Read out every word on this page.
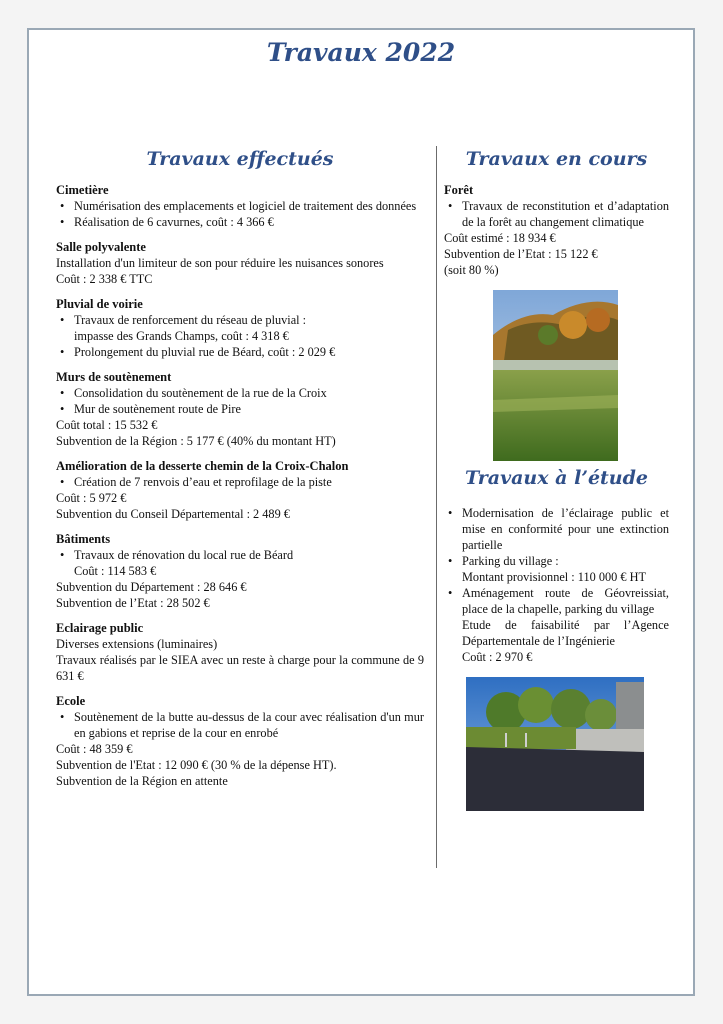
Travaux 2022
Travaux effectués
Cimetière
• Numérisation des emplacements et logiciel de traitement des données
• Réalisation de 6 cavurnes, coût : 4 366 €
Salle polyvalente

Installation d'un limiteur de son pour réduire les nuisances sonores

Coût : 2 338 € TTC

Pluvial de voirie
• Travaux de renforcement du réseau de pluvial :
impasse des Grands Champs, coût : 4 318 €
• Prolongement du pluvial rue de Béard, coût : 2 029 €
Murs de soutènement
• Consolidation du soutènement de la rue de la Croix
• Mur de soutènement route de Pire

Coût total : 15 532 €

Subvention de la Région : 5 177 € (40% du montant HT)

Amélioration de la desserte chemin de la Croix-Chalon
• Création de 7 renvois d’eau et reprofilage de la piste

Coût : 5 972 €

Subvention du Conseil Départemental : 2 489 €

Bâtiments
• Travaux de rénovation du local rue de Béard

Coût : 114 583 €

Subvention du Département : 28 646 €

Subvention de l’Etat : 28 502 €

Eclairage public

Diverses extensions (luminaires)

Travaux réalisés par le SIEA avec un reste à charge pour la commune de 9 631 €

Ecole
• Soutènement de la butte au-dessus de la cour avec réalisation d'un mur en gabions et reprise de la cour en enrobé

Coût : 48 359 €

Subvention de l'Etat : 12 090 € (30 % de la dépense HT).

Subvention de la Région en attente

Travaux en cours
Forêt
• Travaux de reconstitution et d’adaptation de la forêt au changement climatique

Coût estimé : 18 934 €

Subvention de l’Etat : 15 122 €

(soit 80 %)

Travaux à l’étude
• Modernisation de l’éclairage public et mise en conformité pour une extinction partielle
• Parking du village :
Montant provisionnel : 110 000 € HT
• Aménagement route de Géovreissiat, place de la chapelle, parking du village
Etude de faisabilité par l’Agence Départementale de l’Ingénierie
Coût : 2 970 €
